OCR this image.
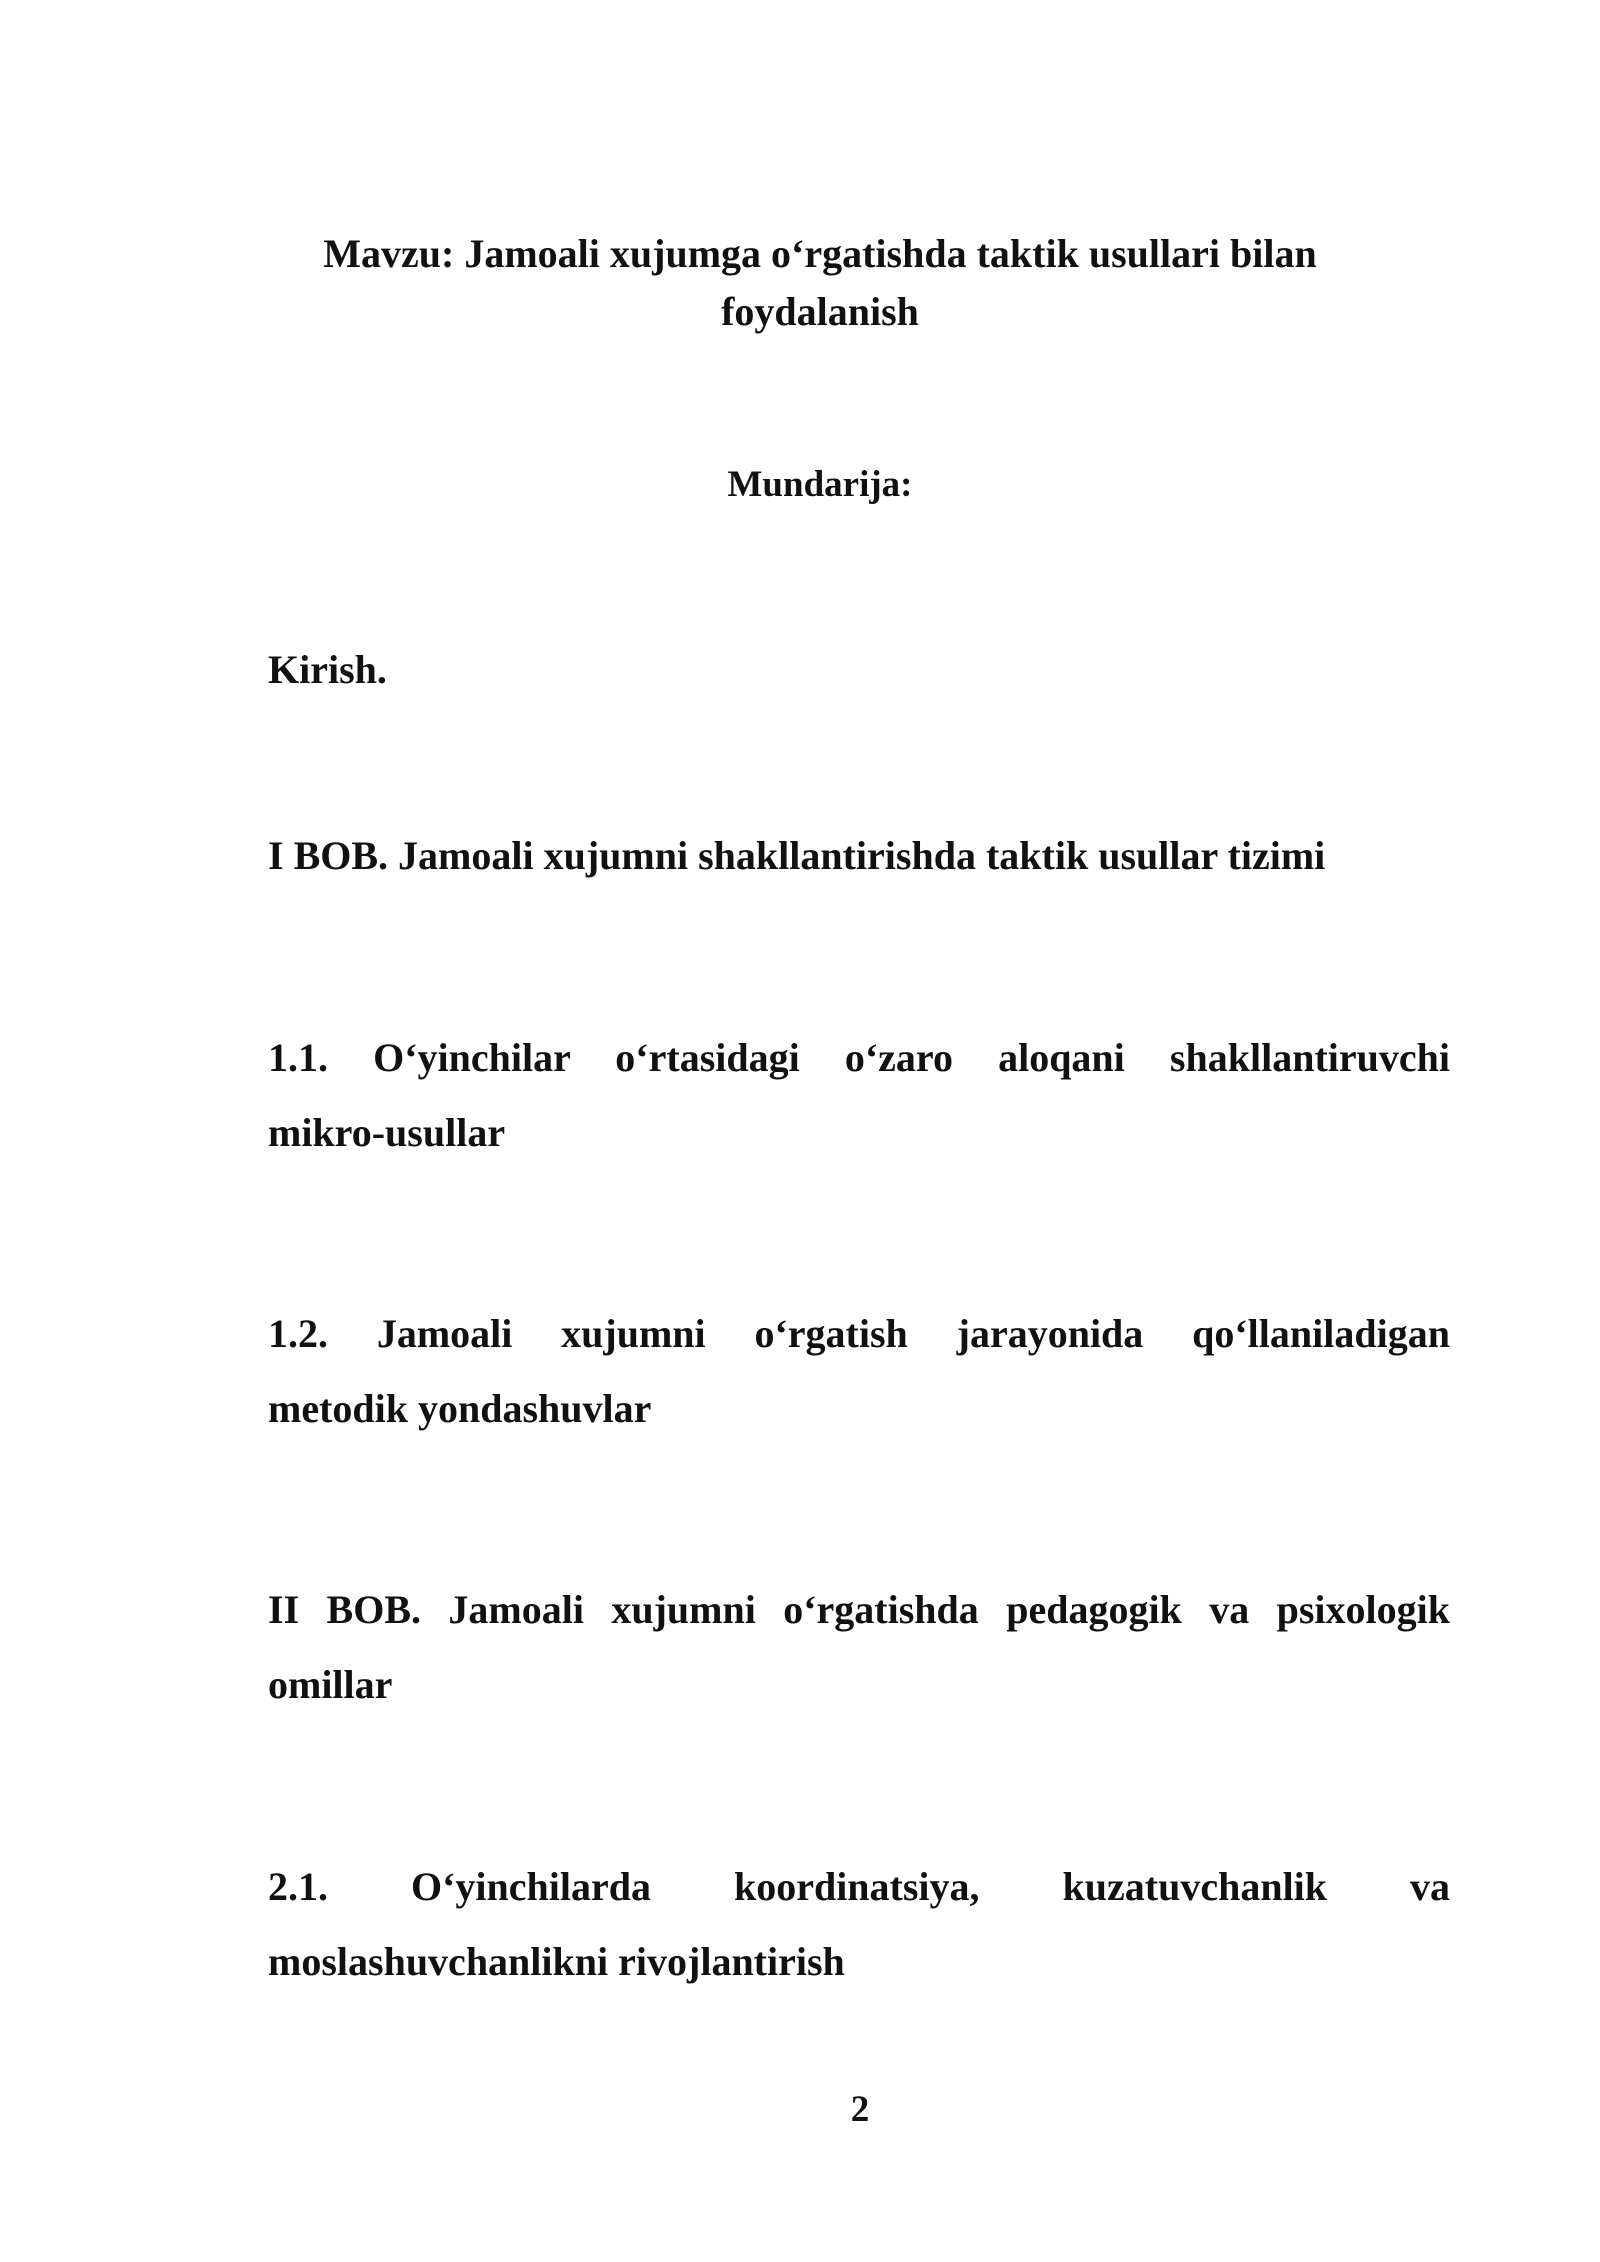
Mavzu: Jamoali xujumga o‘rgatishda taktik usullari bilan
foydalanish
Mundarija:
Kirish.
I BOB. Jamoali xujumni shakllantirishda taktik usullar tizimi
1.1. O‘yinchilar o‘rtasidagi o‘zaro aloqani shakllantiruvchi
mikro-usullar
1.2. Jamoali xujumni o‘rgatish jarayonida qo‘llaniladigan
metodik yondashuvlar
II BOB. Jamoali xujumni o‘rgatishda pedagogik va psixologik
omillar
2.1. O‘yinchilarda koordinatsiya, kuzatuvchanlik va
moslashuvchanlikni rivojlantirish
2
